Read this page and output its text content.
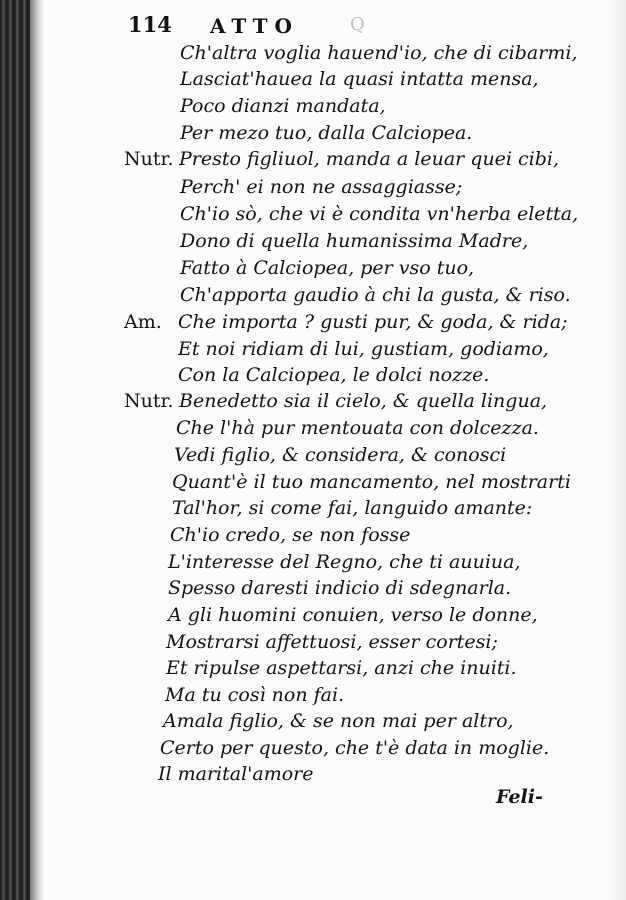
114 ATTO	Q
Ch'altra voglia hauend'io, che di cibarmi,
Lasciat'hauea la quasi intatta mensa,
Poco dianzi mandata,
Per mezo tuo, dalla Calciopea.
Nutr. Presto figliuol, manda a leuar quei cibi,
Perch' ei non ne assaggiasse;
Ch'io sò, che vi è condita vn'herba eletta,
Dono di quella humanissima Madre,
Fatto à Calciopea, per vso tuo,
Ch'apporta gaudio à chi la gusta, & riso.
Am. Che importa ? gusti pur, & goda, & rida;
Et noi ridiam di lui, gustiam, godiamo,
Con la Calciopea, le dolci nozze.
Nutr. Benedetto sia il cielo, & quella lingua,
Che l'hà pur mentouata con dolcezza.
Vedi figlio, & considera, & conosci
Quant'è il tuo mancamento, nel mostrarti
Tal'hor, si come fai, languido amante:
Ch'io credo, se non fosse
L'interesse del Regno, che ti auuiua,
Spesso daresti indicio di sdegnarla.
A gli huomini conuien, verso le donne,
Mostrarsi affettuosi, esser cortesi;
Et ripulse aspettarsi, anzi che inuiti.
Ma tu così non fai.
Amala figlio, & se non mai per altro,
Certo per questo, che t'è data in moglie.
Il marital'amore
Feli-
